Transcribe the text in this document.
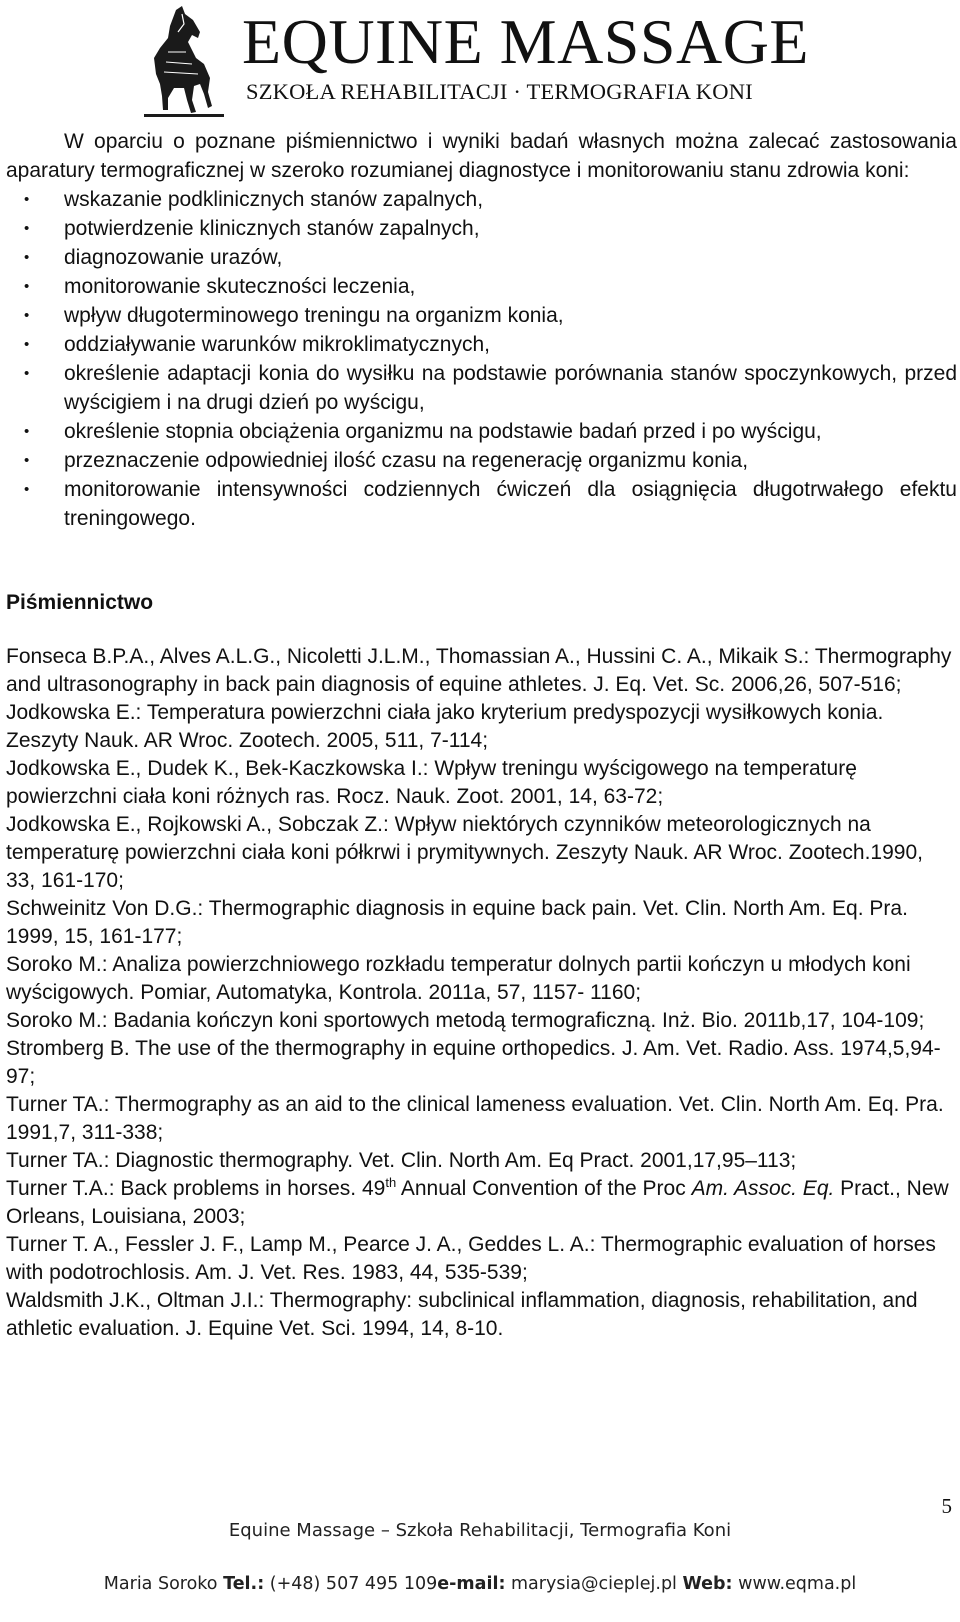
EQUINE MASSAGE
SZKOŁA REHABILITACJI · TERMOGRAFIA KONI

W oparciu o poznane piśmiennictwo i wyniki badań własnych można zalecać zastosowania aparatury termograficznej w szeroko rozumianej diagnostyce i monitorowaniu stanu zdrowia koni:

• wskazanie podklinicznych stanów zapalnych,
• potwierdzenie klinicznych stanów zapalnych,
• diagnozowanie urazów,
• monitorowanie skuteczności leczenia,
• wpływ długoterminowego treningu na organizm konia,
• oddziaływanie warunków mikroklimatycznych,
• określenie adaptacji konia do wysiłku na podstawie porównania stanów spoczynkowych, przed wyścigiem i na drugi dzień po wyścigu,
• określenie stopnia obciążenia organizmu na podstawie badań przed i po wyścigu,
• przeznaczenie odpowiedniej ilość czasu na regenerację organizmu konia,
• monitorowanie intensywności codziennych ćwiczeń dla osiągnięcia długotrwałego efektu treningowego.
Piśmiennictwo
Fonseca B.P.A., Alves A.L.G., Nicoletti J.L.M., Thomassian A., Hussini C. A., Mikaik S.: Thermography and ultrasonography in back pain diagnosis of equine athletes. J. Eq. Vet. Sc. 2006,26, 507-516;
Jodkowska E.: Temperatura powierzchni ciała jako kryterium predyspozycji wysiłkowych konia. Zeszyty Nauk. AR Wroc. Zootech. 2005, 511, 7-114;
Jodkowska E., Dudek K., Bek-Kaczkowska I.: Wpływ treningu wyścigowego na temperaturę powierzchni ciała koni różnych ras. Rocz. Nauk. Zoot. 2001, 14, 63-72;
Jodkowska E., Rojkowski A., Sobczak Z.: Wpływ niektórych czynników meteorologicznych na temperaturę powierzchni ciała koni półkrwi i prymitywnych. Zeszyty Nauk. AR Wroc. Zootech.1990, 33, 161-170;
Schweinitz Von D.G.: Thermographic diagnosis in equine back pain. Vet. Clin. North Am. Eq. Pra. 1999, 15, 161-177;
Soroko M.: Analiza powierzchniowego rozkładu temperatur dolnych partii kończyn u młodych koni wyścigowych. Pomiar, Automatyka, Kontrola. 2011a, 57, 1157- 1160;
Soroko M.: Badania kończyn koni sportowych metodą termograficzną. Inż. Bio. 2011b,17, 104-109;
Stromberg B. The use of the thermography in equine orthopedics. J. Am. Vet. Radio. Ass. 1974,5,94-97;
Turner TA.: Thermography as an aid to the clinical lameness evaluation. Vet. Clin. North Am. Eq. Pra. 1991,7, 311-338;
Turner TA.: Diagnostic thermography. Vet. Clin. North Am. Eq Pract. 2001,17,95–113;
Turner T.A.: Back problems in horses. 49th Annual Convention of the Proc Am. Assoc. Eq. Pract., New Orleans, Louisiana, 2003;
Turner T. A., Fessler J. F., Lamp M., Pearce J. A., Geddes L. A.: Thermographic evaluation of horses with podotrochlosis. Am. J. Vet. Res. 1983, 44, 535-539;
Waldsmith J.K., Oltman J.I.: Thermography: subclinical inflammation, diagnosis, rehabilitation, and athletic evaluation. J. Equine Vet. Sci. 1994, 14, 8-10.
5
Equine Massage – Szkoła Rehabilitacji, Termografia Koni
Maria Soroko Tel.: (+48) 507 495 109e-mail: marysia@cieplej.pl Web: www.eqma.pl
